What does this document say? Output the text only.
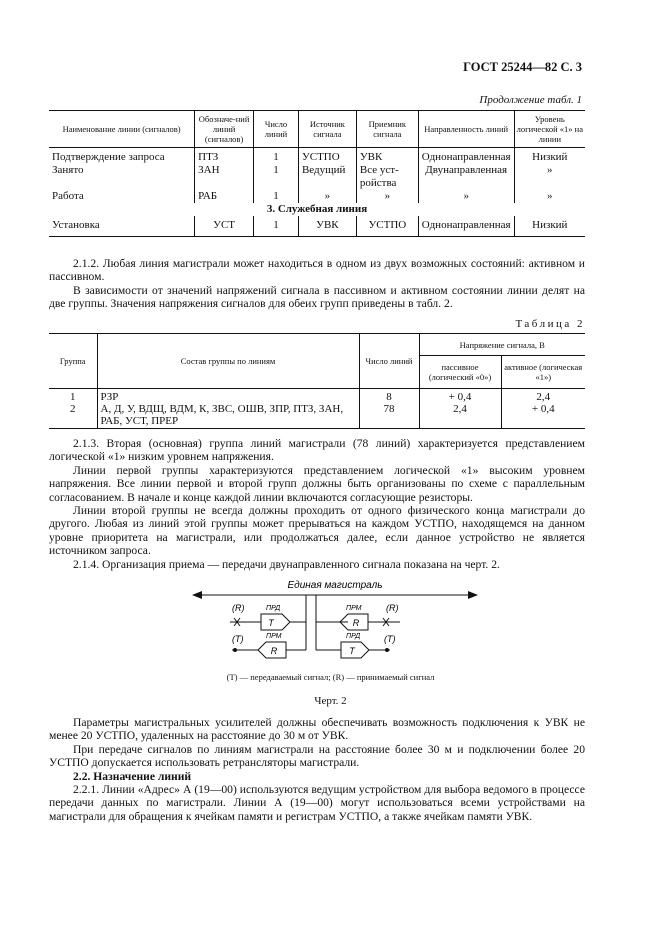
ГОСТ 25244—82 С. 3
Продолжение табл. 1
Наименование линии (сигналов)	Обозначе-ний линий (сигналов)	Число линий	Источник сигнала	Приемник сигнала	Направленность линий	Уровень логической «1» на линии
Подтверждение запроса	ПТЗ	1	УСТПО	УВК	Однонаправленная	Низкий
Занято	ЗАН	1	Ведущий	Все уст-ройства	Двунаправленная	»
Работа	РАБ	1	»	»	»	»
3. Служебная линия						
Установка	УСТ	1	УВК	УСТПО	Однонаправленная	Низкий

2.1.2. Любая линия магистрали может находиться в одном из двух возможных состояний: активном и пассивном.

В зависимости от значений напряжений сигнала в пассивном и активном состоянии линии делят на две группы. Значения напряжения сигналов для обеих групп приведены в табл. 2.

Таблица 2
Группа	Состав группы по линиям	Число линий	Напряжение сигнала, В	
			пассивное (логический «0»)	активное (логическая «1»)
1	РЗР	8	+ 0,4	2,4
2	А, Д, У, ВДЩ, ВДМ, К, ЗВС, ОШВ, ЗПР, ПТЗ, ЗАН, РАБ, УСТ, ПРЕР	78	2,4	+ 0,4

2.1.3. Вторая (основная) группа линий магистрали (78 линий) характеризуется представлением логической «1» низким уровнем напряжения.

Линии первой группы характеризуются представлением логической «1» высоким уровнем напряжения. Все линии первой и второй групп должны быть организованы по схеме с параллельным согласованием. В начале и конце каждой линии включаются согласующие резисторы.

Линии второй группы не всегда должны проходить от одного физического конца магистрали до другого. Любая из линий этой группы может прерываться на каждом УСТПО, находящемся на данном уровне приоритета на магистрали, или продолжаться далее, если данное устройство не является источником запроса.

2.1.4. Организация приема — передачи двунаправленного сигнала показана на черт. 2.

Единая магистраль
(R)
T
ПРД
(T)
R
ПРМ
R
ПРМ	(R)
T
ПРД	(T)
(Т) — передаваемый сигнал; (R) — принимаемый сигнал
Черт. 2

Параметры магистральных усилителей должны обеспечивать возможность подключения к УВК не менее 20 УСТПО, удаленных на расстояние до 30 м от УВК.

При передаче сигналов по линиям магистрали на расстояние более 30 м и подключении более 20 УСТПО допускается использовать ретрансляторы магистрали.

2.2. Назначение линий

2.2.1. Линии «Адрес» А (19—00) используются ведущим устройством для выбора ведомого в процессе передачи данных по магистрали. Линии А (19—00) могут использоваться всеми устройствами на магистрали для обращения к ячейкам памяти и регистрам УСТПО, а также ячейкам памяти УВК.
